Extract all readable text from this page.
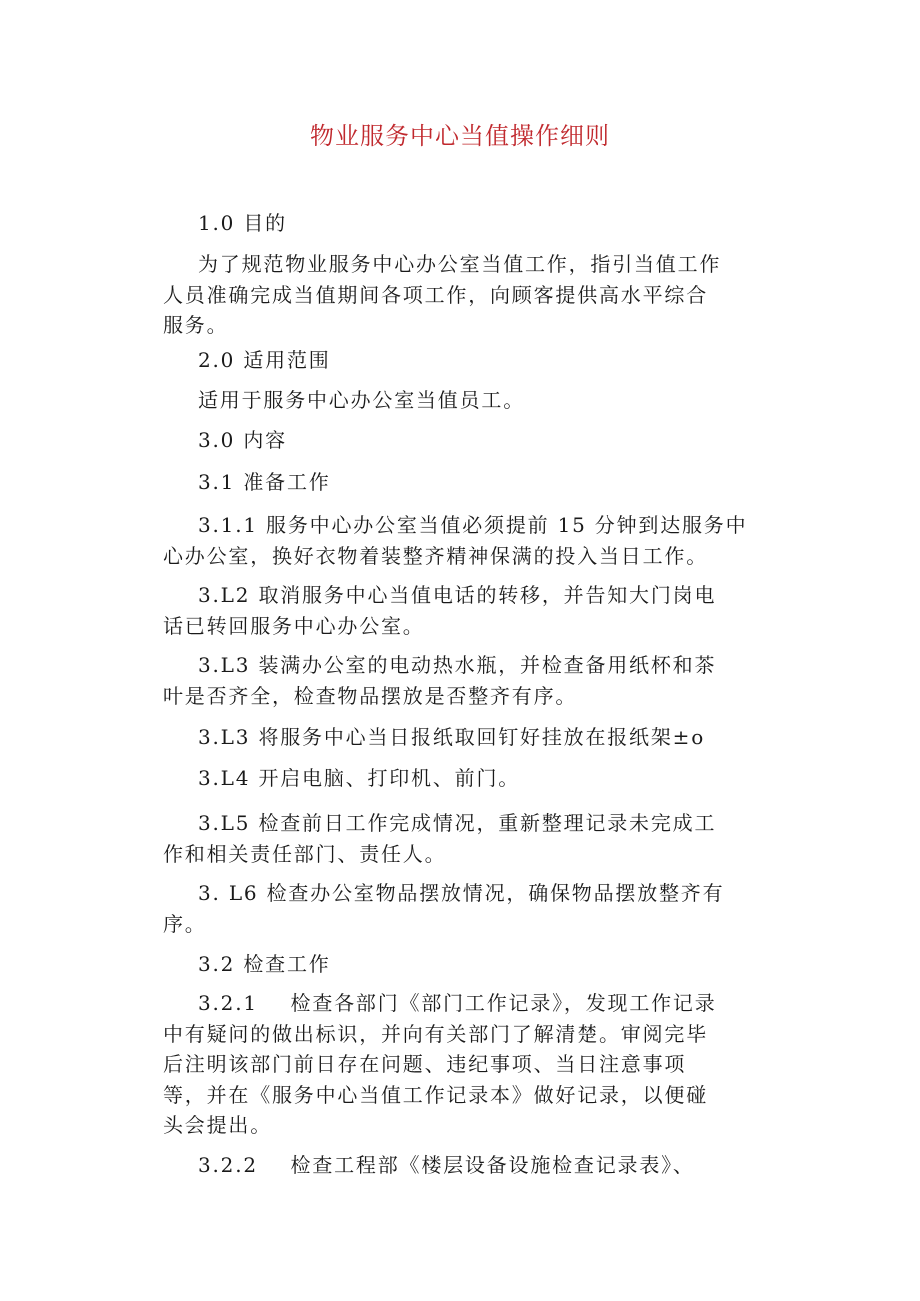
物业服务中心当值操作细则
1.0 目的
为了规范物业服务中心办公室当值工作，指引当值工作
人员准确完成当值期间各项工作，向顾客提供高水平综合
服务。
2.0 适用范围
适用于服务中心办公室当值员工。
3.0 内容
3.1 准备工作
3.1.1 服务中心办公室当值必须提前 15 分钟到达服务中
心办公室，换好衣物着装整齐精神保满的投入当日工作。
3.L2 取消服务中心当值电话的转移，并告知大门岗电
话已转回服务中心办公室。
3.L3 装满办公室的电动热水瓶，并检查备用纸杯和茶
叶是否齐全，检查物品摆放是否整齐有序。
3.L3 将服务中心当日报纸取回钉好挂放在报纸架±o
3.L4 开启电脑、打印机、前门。
3.L5 检查前日工作完成情况，重新整理记录未完成工
作和相关责任部门、责任人。
3. L6 检查办公室物品摆放情况，确保物品摆放整齐有
序。
3.2 检查工作
3.2.1    检查各部门《部门工作记录》，发现工作记录
中有疑问的做出标识，并向有关部门了解清楚。审阅完毕
后注明该部门前日存在问题、违纪事项、当日注意事项
等，并在《服务中心当值工作记录本》做好记录，以便碰
头会提出。
3.2.2    检查工程部《楼层设备设施检查记录表》、
